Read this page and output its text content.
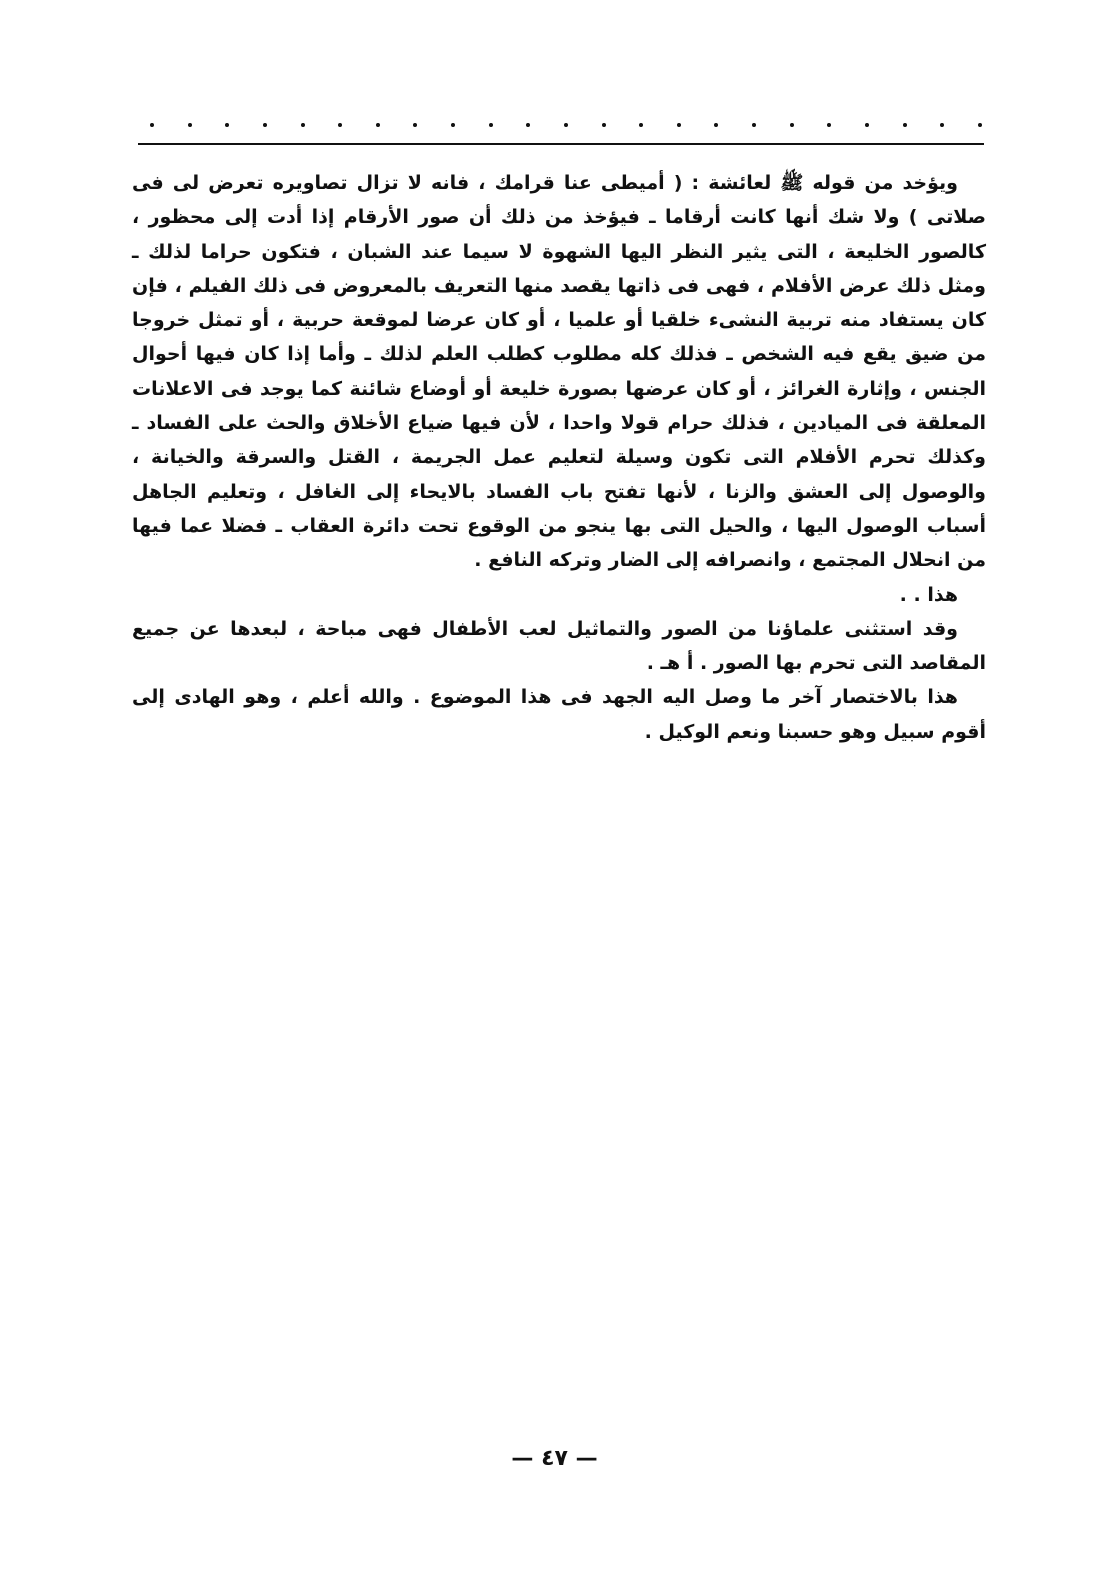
ويؤخد من قوله ﷺ لعائشة : ( أميطى عنا قرامك ، فانه لا تزال تصاويره تعرض لى فى صلاتى ) ولا شك أنها كانت أرقاما ـ فيؤخذ من ذلك أن صور الأرقام إذا أدت إلى محظور ، كالصور الخليعة ، التى يثير النظر اليها الشهوة لا سيما عند الشبان ، فتكون حراما لذلك ـ ومثل ذلك عرض الأفلام ، فهى فى ذاتها يقصد منها التعريف بالمعروض فى ذلك الفيلم ، فإن كان يستفاد منه تربية النشىء خلقيا أو علميا ، أو كان عرضا لموقعة حربية ، أو تمثل خروجا من ضيق يقع فيه الشخص ـ فذلك كله مطلوب كطلب العلم لذلك ـ وأما إذا كان فيها أحوال الجنس ، وإثارة الغرائز ، أو كان عرضها بصورة خليعة أو أوضاع شائنة كما يوجد فى الاعلانات المعلقة فى الميادين ، فذلك حرام قولا واحدا ، لأن فيها ضياع الأخلاق والحث على الفساد ـ وكذلك تحرم الأفلام التى تكون وسيلة لتعليم عمل الجريمة ، القتل والسرقة والخيانة ، والوصول إلى العشق والزنا ، لأنها تفتح باب الفساد بالايحاء إلى الغافل ، وتعليم الجاهل أسباب الوصول اليها ، والحيل التى بها ينجو من الوقوع تحت دائرة العقاب ـ فضلا عما فيها من انحلال المجتمع ، وانصرافه إلى الضار وتركه النافع .

هذا . .

وقد استثنى علماؤنا من الصور والتماثيل لعب الأطفال فهى مباحة ، لبعدها عن جميع المقاصد التى تحرم بها الصور . أ هـ .

هذا بالاختصار آخر ما وصل اليه الجهد فى هذا الموضوع . والله أعلم ، وهو الهادى إلى أقوم سبيل وهو حسبنا ونعم الوكيل .

— ٤٧ —
